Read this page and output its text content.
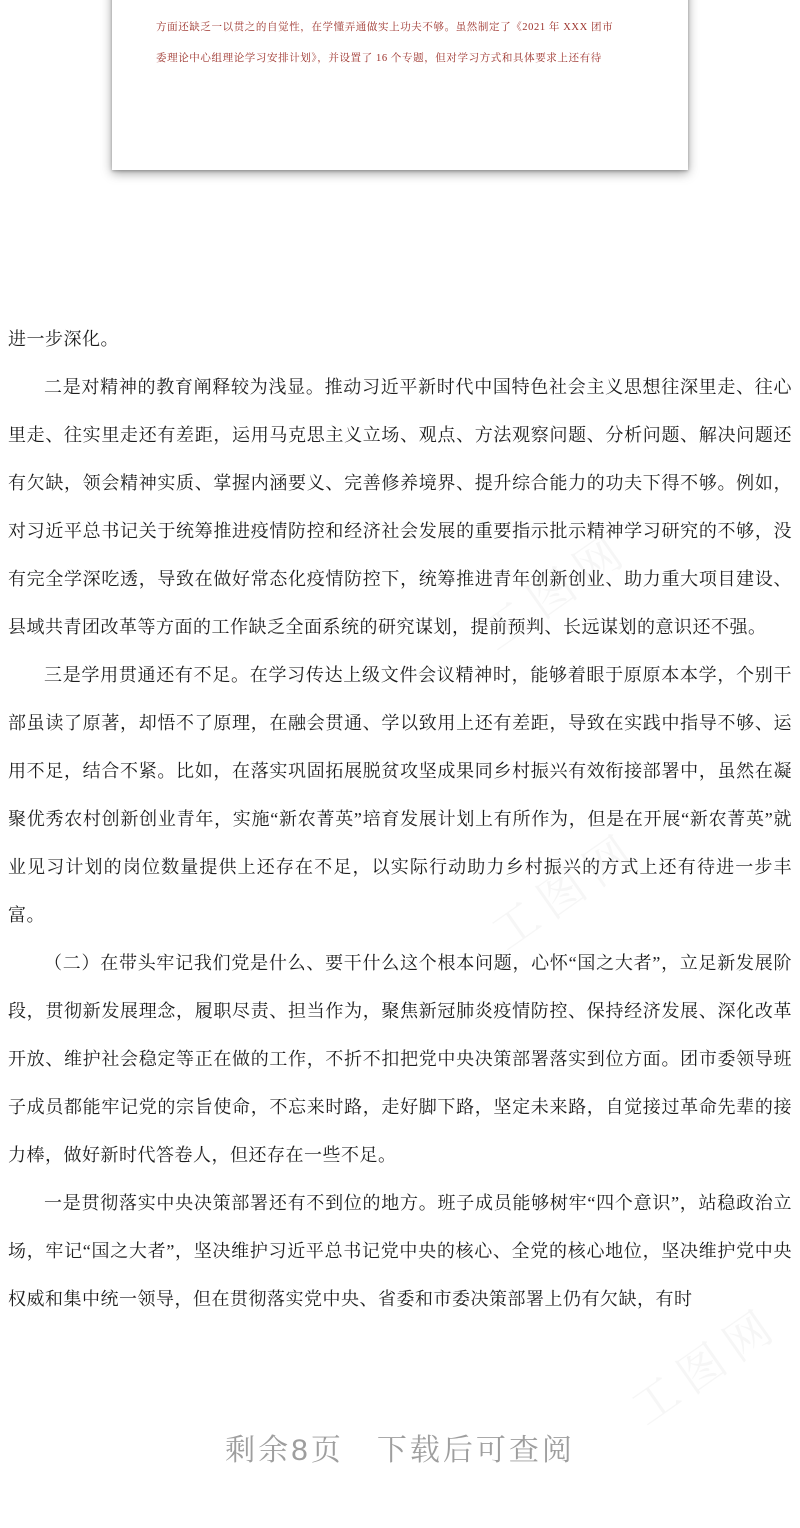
方面还缺乏一以贯之的自觉性，在学懂弄通做实上功夫不够。虽然制定了《2021 年 XXX 团市

委理论中心组理论学习安排计划》，并设置了 16 个专题，但对学习方式和具体要求上还有待

工图网
工图网
工图网

进一步深化。

二是对精神的教育阐释较为浅显。推动习近平新时代中国特色社会主义思想往深里走、往心里走、往实里走还有差距，运用马克思主义立场、观点、方法观察问题、分析问题、解决问题还有欠缺，领会精神实质、掌握内涵要义、完善修养境界、提升综合能力的功夫下得不够。例如，对习近平总书记关于统筹推进疫情防控和经济社会发展的重要指示批示精神学习研究的不够，没有完全学深吃透，导致在做好常态化疫情防控下，统筹推进青年创新创业、助力重大项目建设、县域共青团改革等方面的工作缺乏全面系统的研究谋划，提前预判、长远谋划的意识还不强。

三是学用贯通还有不足。在学习传达上级文件会议精神时，能够着眼于原原本本学，个别干部虽读了原著，却悟不了原理，在融会贯通、学以致用上还有差距，导致在实践中指导不够、运用不足，结合不紧。比如，在落实巩固拓展脱贫攻坚成果同乡村振兴有效衔接部署中，虽然在凝聚优秀农村创新创业青年，实施“新农菁英”培育发展计划上有所作为，但是在开展“新农菁英”就业见习计划的岗位数量提供上还存在不足，以实际行动助力乡村振兴的方式上还有待进一步丰富。

（二）在带头牢记我们党是什么、要干什么这个根本问题，心怀“国之大者”，立足新发展阶段，贯彻新发展理念，履职尽责、担当作为，聚焦新冠肺炎疫情防控、保持经济发展、深化改革开放、维护社会稳定等正在做的工作，不折不扣把党中央决策部署落实到位方面。团市委领导班子成员都能牢记党的宗旨使命，不忘来时路，走好脚下路，坚定未来路，自觉接过革命先辈的接力棒，做好新时代答卷人，但还存在一些不足。

一是贯彻落实中央决策部署还有不到位的地方。班子成员能够树牢“四个意识”，站稳政治立场，牢记“国之大者”，坚决维护习近平总书记党中央的核心、全党的核心地位，坚决维护党中央权威和集中统一领导，但在贯彻落实党中央、省委和市委决策部署上仍有欠缺，有时

剩余8页　下载后可查阅
